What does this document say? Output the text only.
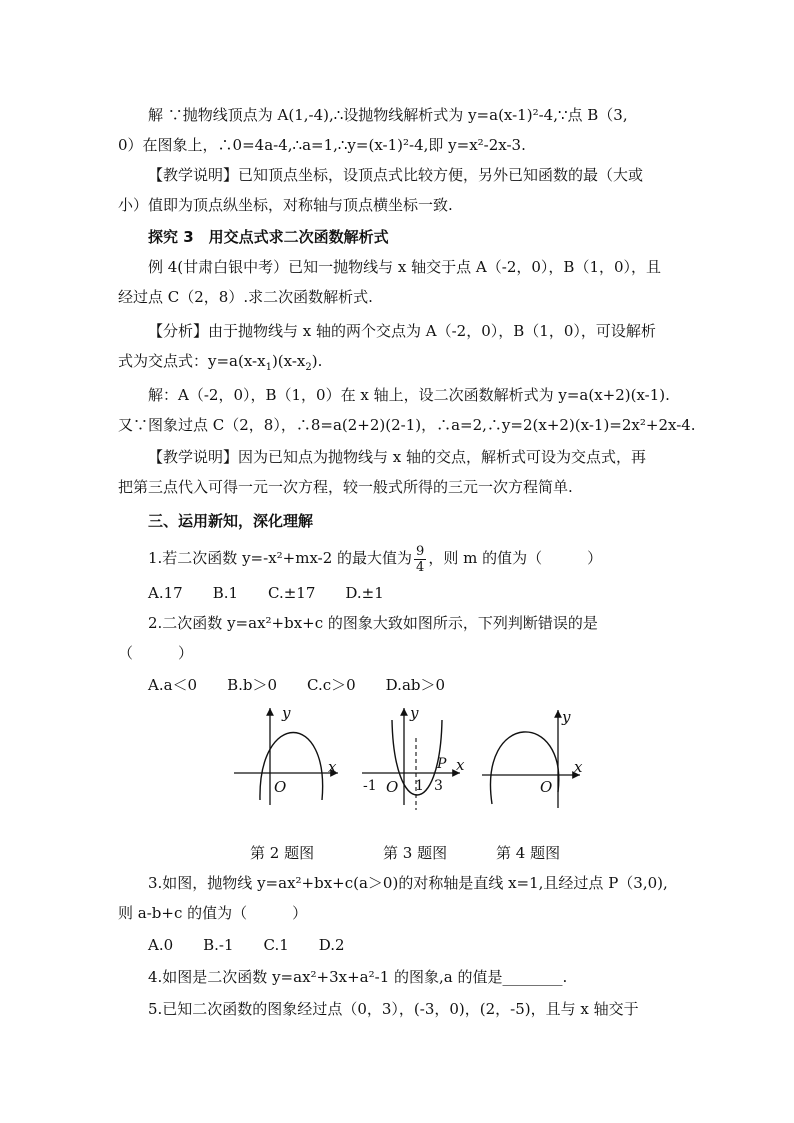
解 ∵抛物线顶点为 A(1,-4),∴设抛物线解析式为 y=a(x-1)²-4,∵点 B（3,
0）在图象上，∴0=4a-4,∴a=1,∴y=(x-1)²-4,即 y=x²-2x-3.
【教学说明】已知顶点坐标，设顶点式比较方便，另外已知函数的最（大或
小）值即为顶点纵坐标，对称轴与顶点横坐标一致.
探究 3　用交点式求二次函数解析式
例 4(甘肃白银中考）已知一抛物线与 x 轴交于点 A（-2，0），B（1，0），且
经过点 C（2，8）.求二次函数解析式.
【分析】由于抛物线与 x 轴的两个交点为 A（-2，0），B（1，0），可设解析
式为交点式：$y=a(x-x_1)(x-x_2)$.
解：A（-2，0），B（1，0）在 x 轴上，设二次函数解析式为 y=a(x+2)(x-1).
又∵图象过点 C（2，8），∴8=a(2+2)(2-1)，∴a=2,∴y=2(x+2)(x-1)=2x²+2x-4.
【教学说明】因为已知点为抛物线与 x 轴的交点，解析式可设为交点式，再
把第三点代入可得一元一次方程，较一般式所得的三元一次方程简单.
三、运用新知，深化理解
1.若二次函数 y=-x²+mx-2 的最大值为 $\frac{9}{4}$ ，则 m 的值为（　　　）
A.17　　B.1　　C.±17　　D.±1
2.二次函数 y=ax²+bx+c 的图象大致如图所示，下列判断错误的是
（　　　）
A.a＜0　　B.b＞0　　C.c＞0　　D.ab＞0
y
x
O
y
x
P
-1 O 1 3
y
x
O
第 2 题图	第 3 题图	第 4 题图
3.如图，抛物线 y=ax²+bx+c(a＞0)的对称轴是直线 x=1,且经过点 P（3,0),
则 a-b+c 的值为（　　　）
A.0　　B.-1　　C.1　　D.2
4.如图是二次函数 y=ax²+3x+a²-1 的图象,a 的值是________.
5.已知二次函数的图象经过点（0，3），(-3，0)，(2，-5)，且与 x 轴交于
